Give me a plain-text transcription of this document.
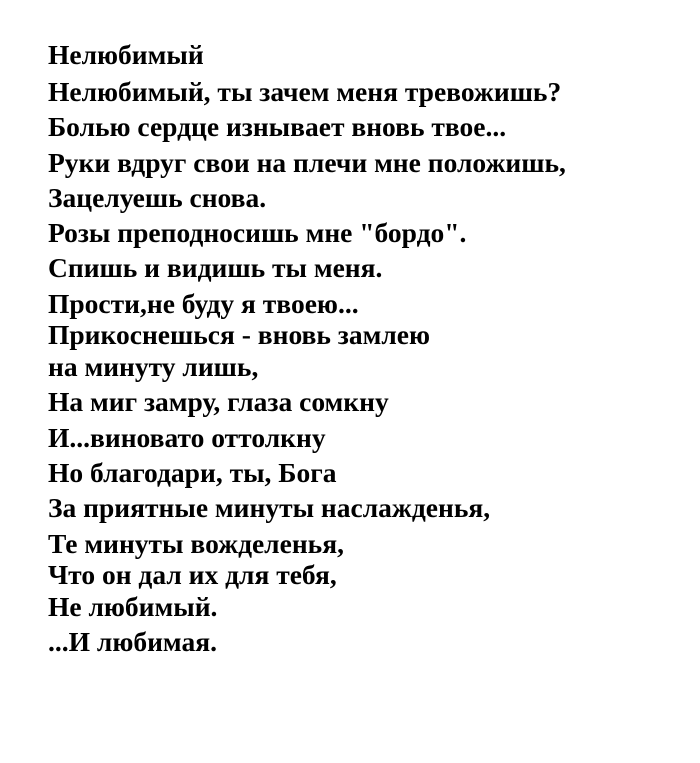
Нелюбимый
Нелюбимый, ты зачем меня тревожишь?
Болью сердце изнывает вновь твое...
Руки вдруг свои на плечи мне положишь,
Зацелуешь снова.
Розы преподносишь мне "бордо".
Спишь и видишь ты меня.
Прости,не буду я твоею...
Прикоснешься - вновь замлею
на минуту лишь,
На миг замру, глаза сомкну
И...виновато оттолкну
Но благодари, ты, Бога
За приятные минуты наслажденья,
Те минуты вожделенья,
Что он дал их для тебя,
Не любимый.
...И любимая.
